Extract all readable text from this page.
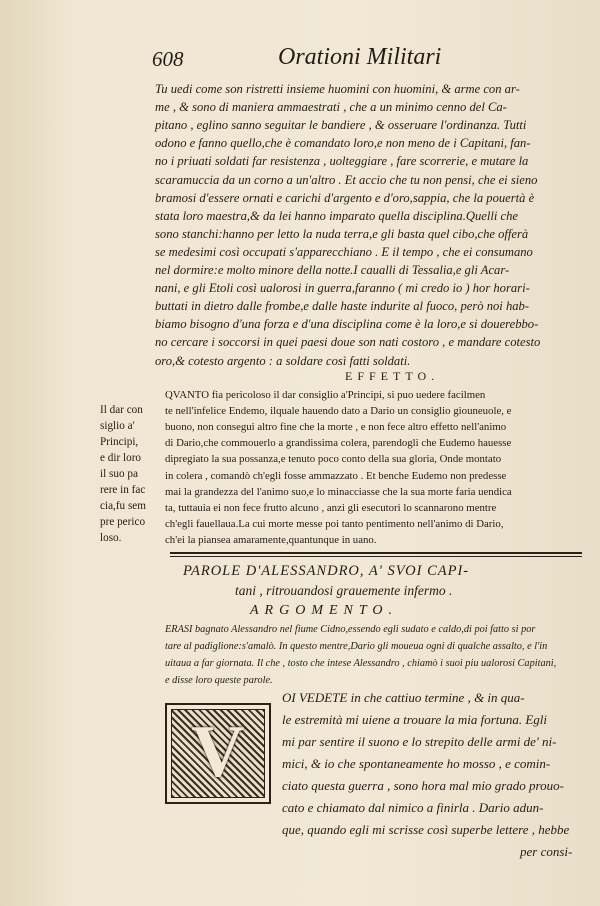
608	Orationi Militari
Tu uedi come son ristretti insieme huomini con huomini, & arme con ar-
me , & sono di maniera ammaestrati , che a un minimo cenno del Ca-
pitano , eglino sanno seguitar le bandiere , & osseruare l'ordinanza. Tutti
odono e fanno quello,che è comandato loro,e non meno de i Capitani, fan-
no i priuati soldati far resistenza , uolteggiare , fare scorrerie, e mutare la
scaramuccia da un corno a un'altro . Et accio che tu non pensi, che ei sieno
bramosi d'essere ornati e carichi d'argento e d'oro,sappia, che la pouertà è
stata loro maestra,& da lei hanno imparato quella disciplina.Quelli che
sono stanchi:hanno per letto la nuda terra,e gli basta quel cibo,che offerà
se medesimi così occupati s'apparecchiano . E il tempo , che ei consumano
nel dormire:e molto minore della notte.I caualli di Tessalia,e gli Acar-
nani, e gli Etoli così ualorosi in guerra,faranno ( mi credo io ) hor horari-
buttati in dietro dalle frombe,e dalle haste indurite al fuoco, però noi hab-
biamo bisogno d'una forza e d'una disciplina come è la loro,e si douerebbo-
EFFETTO.
QVANTO fia pericoloso il dar consiglio a'Principi, si puo uedere facilmen
te nell'infelice Endemo, ilquale hauendo dato a Dario un consiglio giouneuole, e
buono, non consegui altro fine che la morte , e non fece altro effetto nell'animo
di Dario,che commouerlo a grandissima colera, parendogli che Eudemo hauesse
dipregiato la sua possanza,e tenuto poco conto della sua gloria, Onde montato
in colera , comandò ch'egli fosse ammazzato . Et benche Eudemo non predesse
mai la grandezza del l'animo suo,e lo minacciasse che la sua morte faria uendica
ta, tuttauia ei non fece frutto alcuno , anzi gli esecutori lo scannarono mentre
ch'egli fauellaua.La cui morte messe poi tanto pentimento nell'animo di Dario,
Il dar con
siglio a'
Principi,
e dir loro
il suo pa
rere in fac
cia,fu sem
pre perico
loso.
PAROLE D'ALESSANDRO, A' SVOI CAPI-
tani , ritrouandosi grauemente infermo .
ARGOMENTO.
ERASI bagnato Alessandro nel fiume Cidno,essendo egli sudato e caldo,di poi fatto si por
tare al padiglione:s'amalò. In questo mentre,Dario gli moueua ogni di qualche assalto, e l'in
uitaua a far giornata. Il che , tosto che intese Alessandro , chiamò i suoi piu ualorosi Capitani,
e disse loro queste parole.
V
OI VEDETE in che cattiuo termine , & in qua-
le estremità mi uiene a trouare la mia fortuna. Egli
mi par sentire il suono e lo strepito delle armi de' ni-
mici, & io che spontaneamente ho mosso , e comin-
ciato questa guerra , sono hora mal mio grado prouo-
cato e chiamato dal nimico a finirla . Dario adun-
que, quando egli mi scrisse così superbe lettere , hebbe
per consi-
no cercare i soccorsi in quei paesi doue son nati costoro , e mandare cotesto
oro,& cotesto argento : a soldare così fatti soldati.
ch'ei la piansea amaramente,quantunque in uano.
